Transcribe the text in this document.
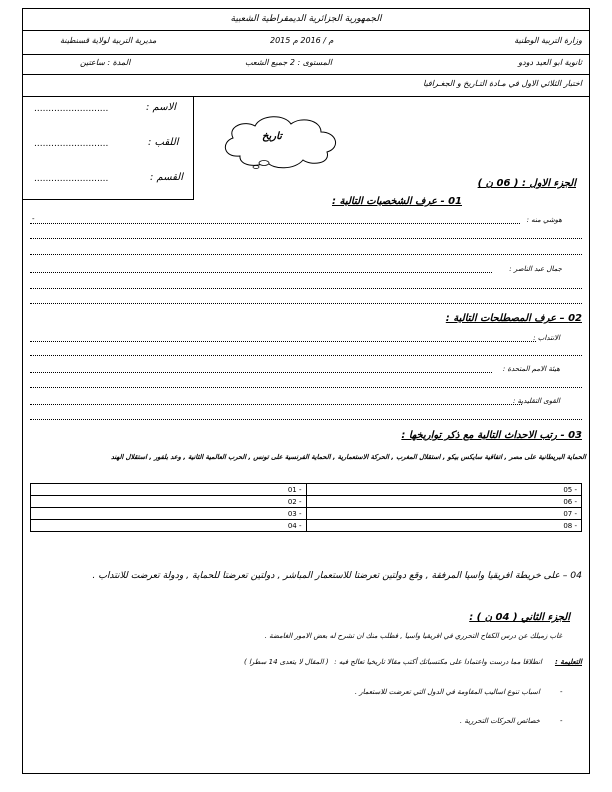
الجمهورية الجزائرية الديمقراطية الشعبية
وزارة التربية الوطنية
2015 م / 2016 م
مديرية التربية لولاية قسنطينة
ثانوية ابو العيد دودو
المستوى : 2 جميع الشعب
المدة : ساعتين
اختبار الثلاثي الاول في مـادة التـاريخ و الجغـرافيا
الاسم :
..........................
اللقب :
..........................
القسم :
..........................
تاريخ
الجزء الاول : ( 06 ن )
01 - عرف الشخصيات التالية :
هوشي منه :
-
جمال عبد الناصر :
02 – عرف المصطلحات التالية :
الانتداب :
هيئة الامم المتحدة :
القوى التقليدية :
03 - رتب الاحداث التالية مع ذكر تواريخها :
الحماية البريطانية على مصر , اتفاقية سايكس بيكو , استقلال المغرب , الحركة الاستعمارية , الحماية الفرنسية على تونس , الحرب العالمية الثانية , وعد بلفور , استقلال الهند
- 01	- 05
- 02	- 06
- 03	- 07
- 04	- 08
04 – على خريطة افريقيا واسيا المرفقة , وقع دولتين تعرضتا للاستعمار المباشر , دولتين تعرضتا للحماية , ودولة تعرضت للانتداب .
الجزء الثاني ( 04 ن ) :
غاب زميلك عن درس الكفاح التحرري في افريقيا واسيا , فطلب منك ان تشرح له بعض الامور الغامضة .
التعليمة :
انطلاقا مما درست واعتمادا على مكتسباتك أكتب مقالا تاريخيا تعالج فيه :
( المقال لا يتعدى 14 سطرا )
-
اسباب تنوع اساليب المقاومة في الدول التي تعرضت للاستعمار .
-
خصائص الحركات التحررية .
